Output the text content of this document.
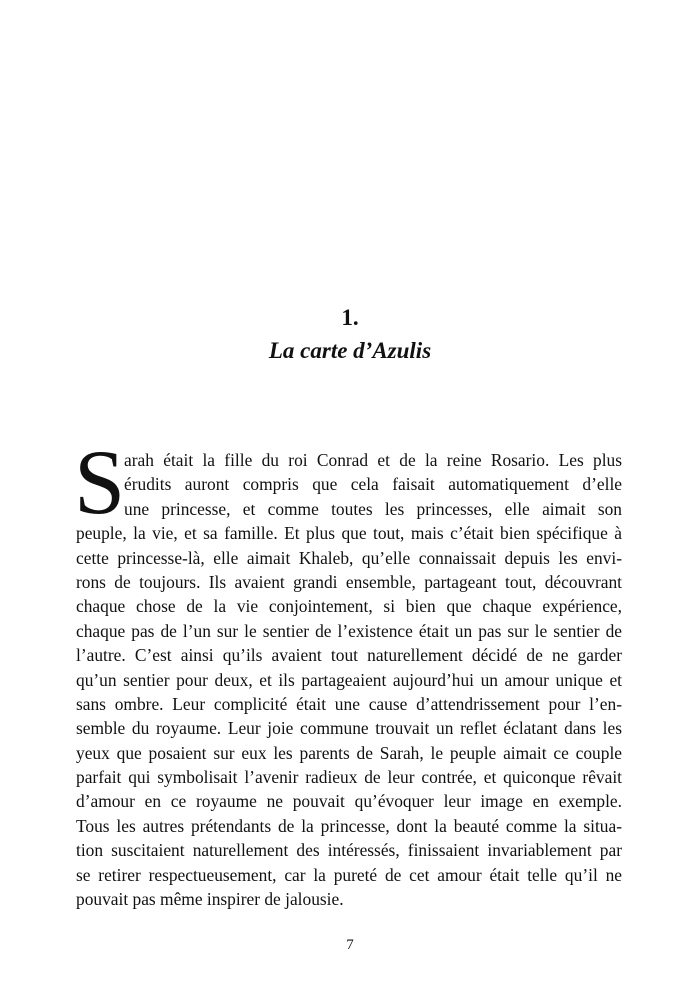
1.
La carte d’Azulis
S
arah était la fille du roi Conrad et de la reine Rosario. Les plus
érudits auront compris que cela faisait automatiquement d’elle
une princesse, et comme toutes les princesses, elle aimait son
peuple, la vie, et sa famille. Et plus que tout, mais c’était bien spécifique à
cette princesse-là, elle aimait Khaleb, qu’elle connaissait depuis les envi-
rons de toujours. Ils avaient grandi ensemble, partageant tout, découvrant
chaque chose de la vie conjointement, si bien que chaque expérience,
chaque pas de l’un sur le sentier de l’existence était un pas sur le sentier de
l’autre. C’est ainsi qu’ils avaient tout naturellement décidé de ne garder
qu’un sentier pour deux, et ils partageaient aujourd’hui un amour unique et
sans ombre. Leur complicité était une cause d’attendrissement pour l’en-
semble du royaume. Leur joie commune trouvait un reflet éclatant dans les
yeux que posaient sur eux les parents de Sarah, le peuple aimait ce couple
parfait qui symbolisait l’avenir radieux de leur contrée, et quiconque rêvait
d’amour en ce royaume ne pouvait qu’évoquer leur image en exemple.
Tous les autres prétendants de la princesse, dont la beauté comme la situa-
tion suscitaient naturellement des intéressés, finissaient invariablement par
se retirer respectueusement, car la pureté de cet amour était telle qu’il ne
pouvait pas même inspirer de jalousie.

7
